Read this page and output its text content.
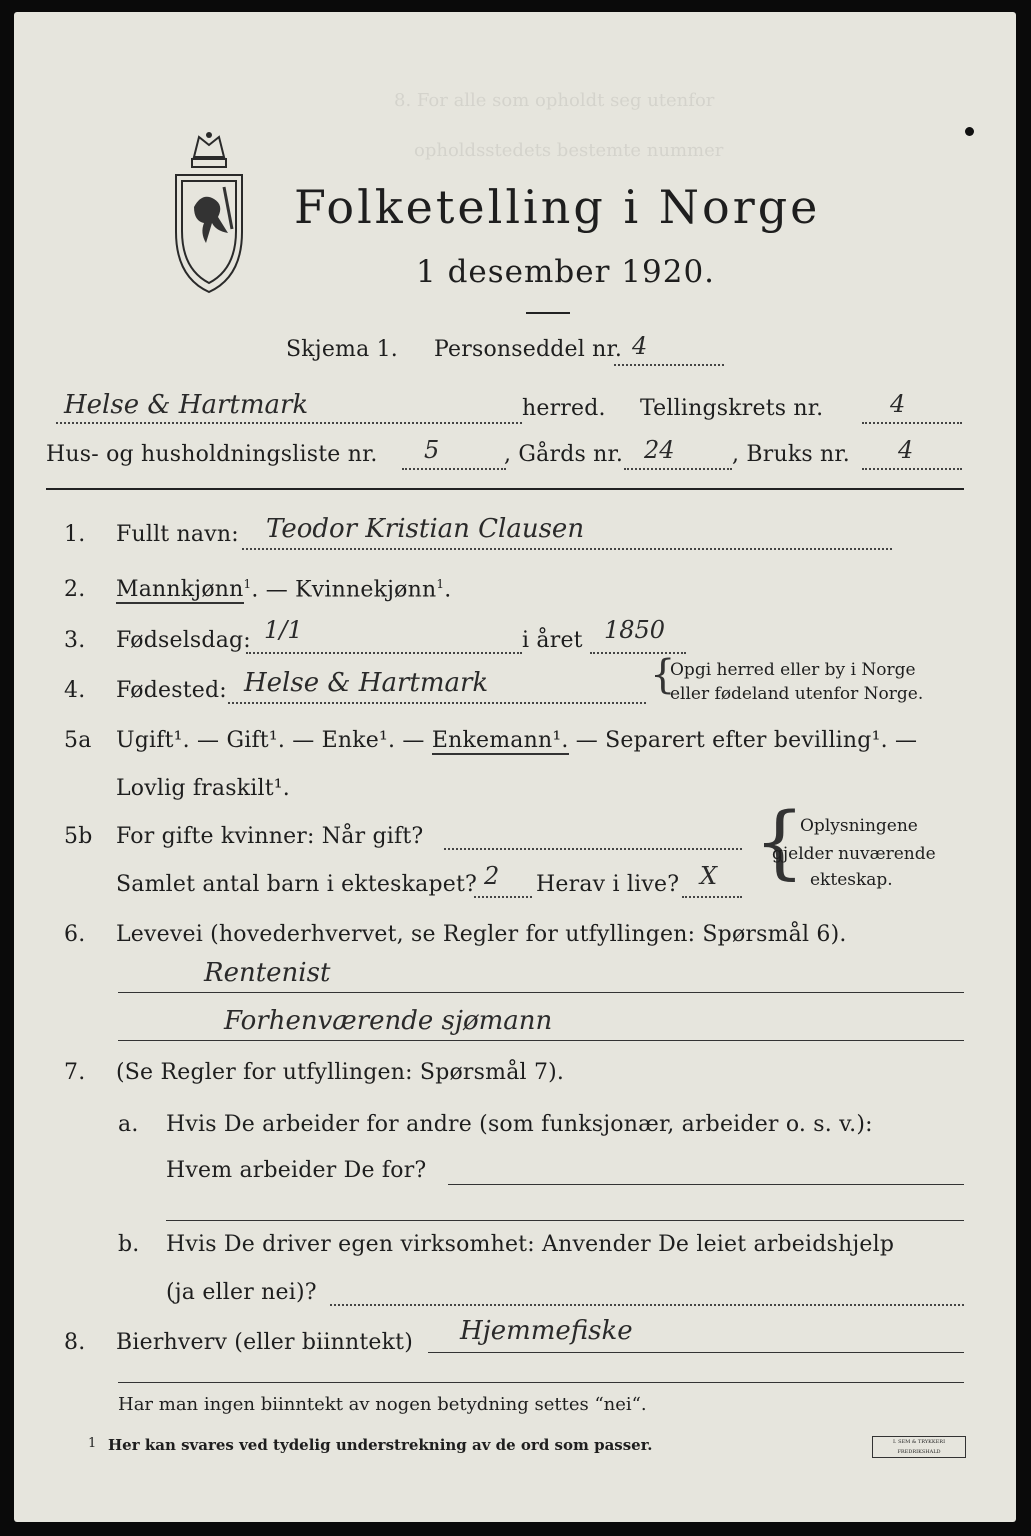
8. For alle som opholdt seg utenfor
opholdsstedets bestemte nummer
Folketelling i Norge
1 desember 1920.
Skjema 1. Personseddel nr. 4
Helse & Hartmark	herred. Tellingskrets nr.	4
Hus- og husholdningsliste nr. 5	, Gårds nr. 24	, Bruks nr. 4
1.	Fullt navn: Teodor Kristian Clausen
2.	Mannkjønn$^1$. — Kvinnekjønn$^1$.
3.	Fødselsdag: 1/1	i året 1850
4.	Fødested: Helse & Hartmark	{
Opgi herred eller by i Norge
eller fødeland utenfor Norge.
5a	Ugift¹. — Gift¹. — Enke¹. — Enkemann¹. — Separert efter bevilling¹. —
Lovlig fraskilt¹.
5b	For gifte kvinner: Når gift?
Samlet antal barn i ekteskapet? 2 Herav i live? X {
Oplysningene
gjelder nuværende
ekteskap.
6.	Levevei (hovederhvervet, se Regler for utfyllingen: Spørsmål 6).
Rentenist
Forhenværende sjømann
7.	(Se Regler for utfyllingen: Spørsmål 7).
a. Hvis De arbeider for andre (som funksjonær, arbeider o. s. v.):
Hvem arbeider De for?
b. Hvis De driver egen virksomhet: Anvender De leiet arbeidshjelp
(ja eller nei)?
8.	Bierhverv (eller biinntekt) Hjemmefiske
Har man ingen biinntekt av nogen betydning settes “nei“.
1 Her kan svares ved tydelig understrekning av de ord som passer.	I. SEM & TRYKKERI FREDRIKSHALD
